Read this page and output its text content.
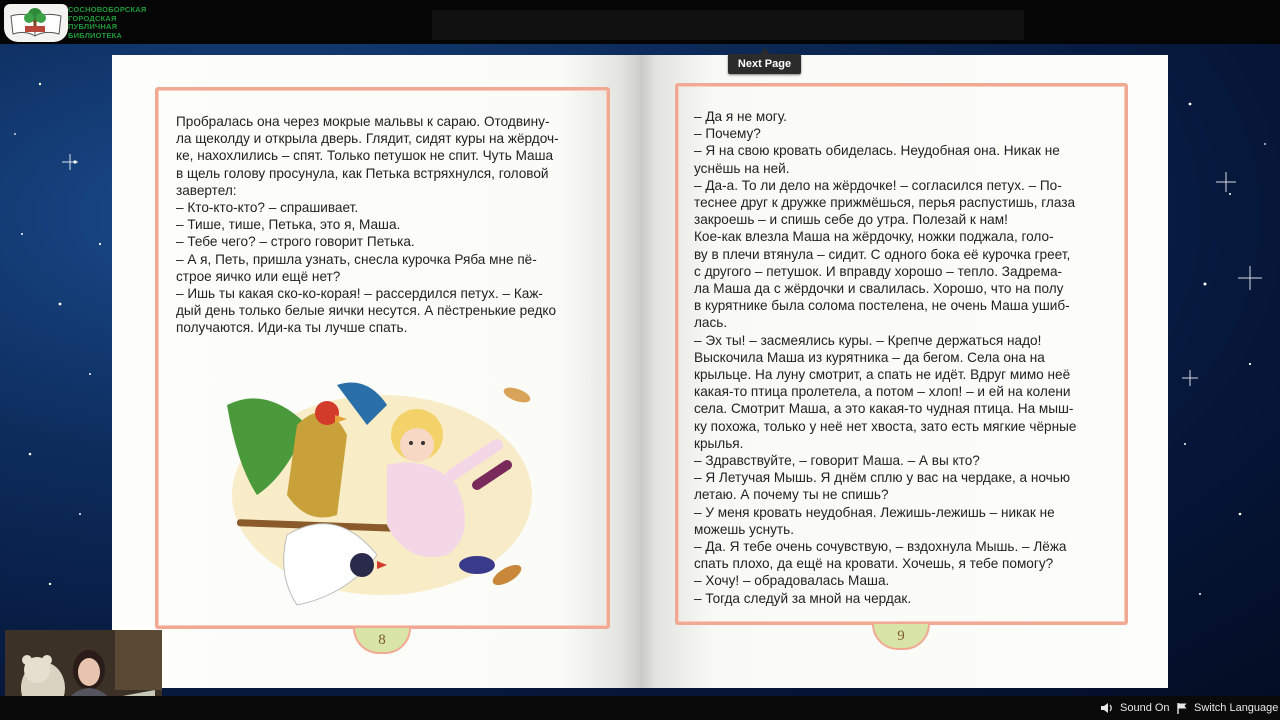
СОСНОВОБОРСКАЯ ГОРОДСКАЯ ПУБЛИЧНАЯ БИБЛИОТЕКА

Пробралась она через мокрые мальвы к сараю. Отодвину-

ла щеколду и открыла дверь. Глядит, сидят куры на жёрдоч-

ке, нахохлились – спят. Только петушок не спит. Чуть Маша

в щель голову просунула, как Петька встряхнулся, головой

завертел:

– Кто-кто-кто? – спрашивает.

– Тише, тише, Петька, это я, Маша.

– Тебе чего? – строго говорит Петька.

– А я, Петь, пришла узнать, снесла курочка Ряба мне пё-

строе яичко или ещё нет?

– Ишь ты какая ско-ко-корая! – рассердился петух. – Каж-

дый день только белые яички несутся. А пёстренькие редко

получаются. Иди-ка ты лучше спать.

8

– Да я не могу.

– Почему?

– Я на свою кровать обиделась. Неудобная она. Никак не

уснёшь на ней.

– Да-а. То ли дело на жёрдочке! – согласился петух. – По-

теснее друг к дружке прижмёшься, перья распустишь, глаза

закроешь – и спишь себе до утра. Полезай к нам!

Кое-как влезла Маша на жёрдочку, ножки поджала, голо-

ву в плечи втянула – сидит. С одного бока её курочка греет,

с другого – петушок. И вправду хорошо – тепло. Задрема-

ла Маша да с жёрдочки и свалилась. Хорошо, что на полу

в курятнике была солома постелена, не очень Маша ушиб-

лась.

– Эх ты! – засмеялись куры. – Крепче держаться надо!

Выскочила Маша из курятника – да бегом. Села она на

крыльце. На луну смотрит, а спать не идёт. Вдруг мимо неё

какая-то птица пролетела, а потом – хлоп! – и ей на колени

села. Смотрит Маша, а это какая-то чудная птица. На мыш-

ку похожа, только у неё нет хвоста, зато есть мягкие чёрные

крылья.

– Здравствуйте, – говорит Маша. – А вы кто?

– Я Летучая Мышь. Я днём сплю у вас на чердаке, а ночью

летаю. А почему ты не спишь?

– У меня кровать неудобная. Лежишь-лежишь – никак не

можешь уснуть.

– Да. Я тебе очень сочувствую, – вздохнула Мышь. – Лёжа

спать плохо, да ещё на кровати. Хочешь, я тебе помогу?

– Хочу! – обрадовалась Маша.

– Тогда следуй за мной на чердак.

9
Next Page
Sound On Switch Language
